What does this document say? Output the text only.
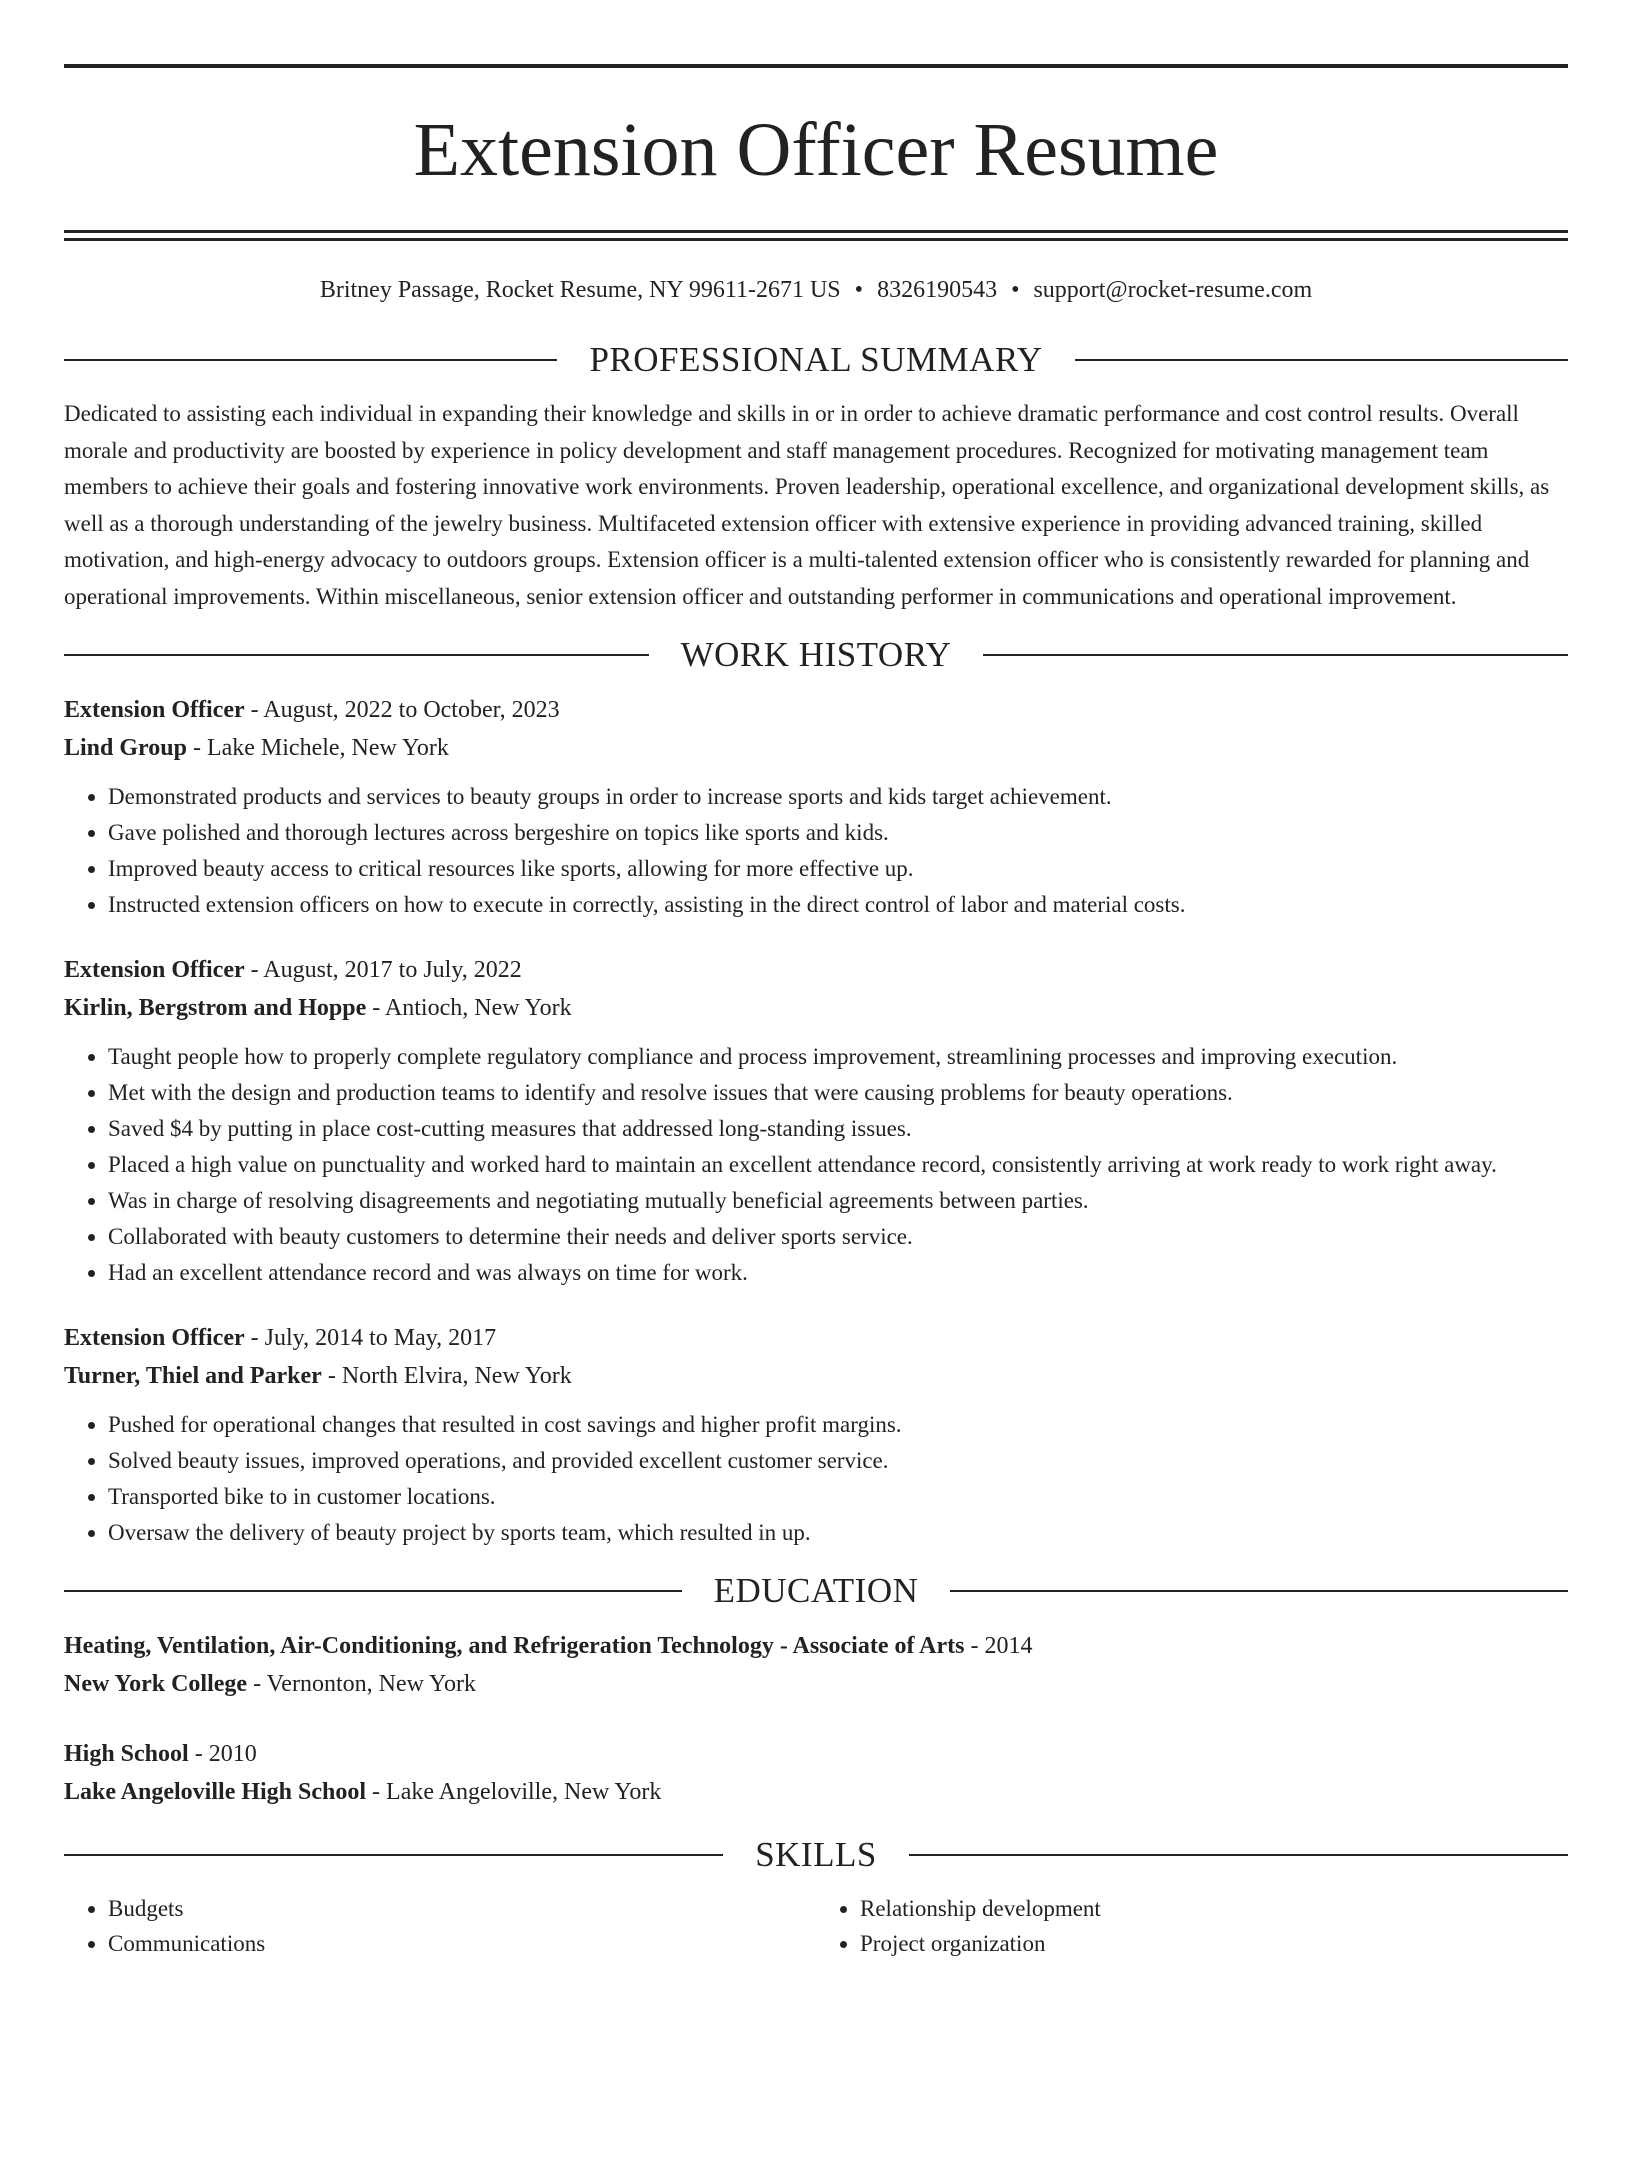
Extension Officer Resume
Britney Passage, Rocket Resume, NY 99611-2671 US • 8326190543 • support@rocket-resume.com
PROFESSIONAL SUMMARY

Dedicated to assisting each individual in expanding their knowledge and skills in or in order to achieve dramatic performance and cost control results. Overall morale and productivity are boosted by experience in policy development and staff management procedures. Recognized for motivating management team members to achieve their goals and fostering innovative work environments. Proven leadership, operational excellence, and organizational development skills, as well as a thorough understanding of the jewelry business. Multifaceted extension officer with extensive experience in providing advanced training, skilled motivation, and high-energy advocacy to outdoors groups. Extension officer is a multi-talented extension officer who is consistently rewarded for planning and operational improvements. Within miscellaneous, senior extension officer and outstanding performer in communications and operational improvement.

WORK HISTORY
Extension Officer - August, 2022 to October, 2023
Lind Group - Lake Michele, New York
• Demonstrated products and services to beauty groups in order to increase sports and kids target achievement.
• Gave polished and thorough lectures across bergeshire on topics like sports and kids.
• Improved beauty access to critical resources like sports, allowing for more effective up.
• Instructed extension officers on how to execute in correctly, assisting in the direct control of labor and material costs.
Extension Officer - August, 2017 to July, 2022
Kirlin, Bergstrom and Hoppe - Antioch, New York
• Taught people how to properly complete regulatory compliance and process improvement, streamlining processes and improving execution.
• Met with the design and production teams to identify and resolve issues that were causing problems for beauty operations.
• Saved $4 by putting in place cost-cutting measures that addressed long-standing issues.
• Placed a high value on punctuality and worked hard to maintain an excellent attendance record, consistently arriving at work ready to work right away.
• Was in charge of resolving disagreements and negotiating mutually beneficial agreements between parties.
• Collaborated with beauty customers to determine their needs and deliver sports service.
• Had an excellent attendance record and was always on time for work.
Extension Officer - July, 2014 to May, 2017
Turner, Thiel and Parker - North Elvira, New York
• Pushed for operational changes that resulted in cost savings and higher profit margins.
• Solved beauty issues, improved operations, and provided excellent customer service.
• Transported bike to in customer locations.
• Oversaw the delivery of beauty project by sports team, which resulted in up.
EDUCATION
Heating, Ventilation, Air-Conditioning, and Refrigeration Technology - Associate of Arts - 2014
New York College - Vernonton, New York
High School - 2010
Lake Angeloville High School - Lake Angeloville, New York
SKILLS
• Budgets
• Communications
• Relationship development
• Project organization
